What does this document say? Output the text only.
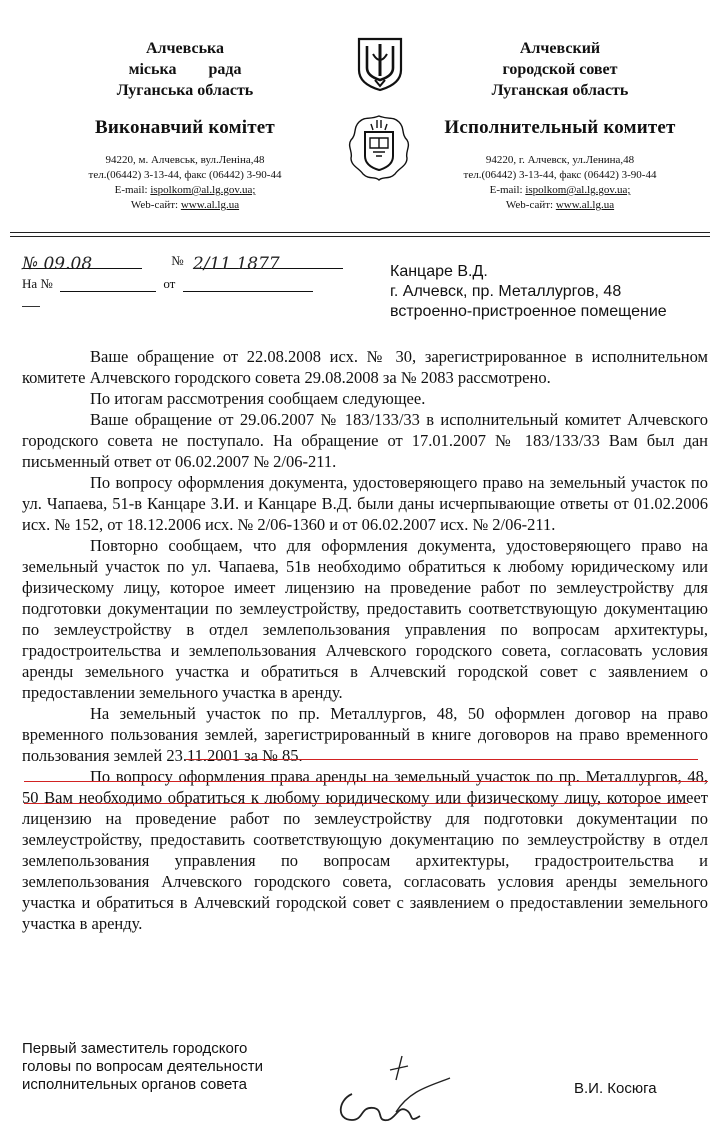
Алчевська
міська рада
Луганська область
Виконавчий комітет
94220, м. Алчевськ, вул.Леніна,48
тел.(06442) 3-13-44, факс (06442) 3-90-44
E-mail: ispolkom@al.lg.gov.ua;
Web-сайт: www.al.lg.ua
Алчевский
городской совет
Луганская область
Исполнительный комитет
94220, г. Алчевск, ул.Ленина,48
тел.(06442) 3-13-44, факс (06442) 3-90-44
E-mail: ispolkom@al.lg.gov.ua;
Web-сайт: www.al.lg.ua
№ 09.08	№ 2/11 1877
На №	от
Канцаре В.Д.
г. Алчевск, пр. Металлургов, 48
встроенно-пристроенное помещение

Ваше обращение от 22.08.2008 исх. № 30, зарегистрированное в исполнительном комитете Алчевского городского совета 29.08.2008 за № 2083 рассмотрено.

По итогам рассмотрения сообщаем следующее.

Ваше обращение от 29.06.2007 № 183/133/33 в исполнительный комитет Алчевского городского совета не поступало. На обращение от 17.01.2007 № 183/133/33 Вам был дан письменный ответ от 06.02.2007 № 2/06-211.

По вопросу оформления документа, удостоверяющего право на земельный участок по ул. Чапаева, 51-в Канцаре З.И. и Канцаре В.Д. были даны исчерпывающие ответы от 01.02.2006 исх. № 152, от 18.12.2006 исх. № 2/06-1360 и от 06.02.2007 исх. № 2/06-211.

Повторно сообщаем, что для оформления документа, удостоверяющего право на земельный участок по ул. Чапаева, 51в необходимо обратиться к любому юридическому или физическому лицу, которое имеет лицензию на проведение работ по землеустройству для подготовки документации по землеустройству, предоставить соответствующую документацию по землеустройству в отдел землепользования управления по вопросам архитектуры, градостроительства и землепользования Алчевского городского совета, согласовать условия аренды земельного участка и обратиться в Алчевский городской совет с заявлением о предоставлении земельного участка в аренду.

На земельный участок по пр. Металлургов, 48, 50 оформлен договор на право временного пользования землей, зарегистрированный в книге договоров на право временного пользования землей 23.11.2001 за № 85.

По вопросу оформления права аренды на земельный участок по пр. Металлургов, 48, 50 Вам необходимо обратиться к любому юридическому или физическому лицу, которое имеет лицензию на проведение работ по землеустройству для подготовки документации по землеустройству, предоставить соответствующую документацию по землеустройству в отдел землепользования управления по вопросам архитектуры, градостроительства и землепользования Алчевского городского совета, согласовать условия аренды земельного участка и обратиться в Алчевский городской совет с заявлением о предоставлении земельного участка в аренду.

Первый заместитель городского
головы по вопросам деятельности
исполнительных органов совета	В.И. Косюга
